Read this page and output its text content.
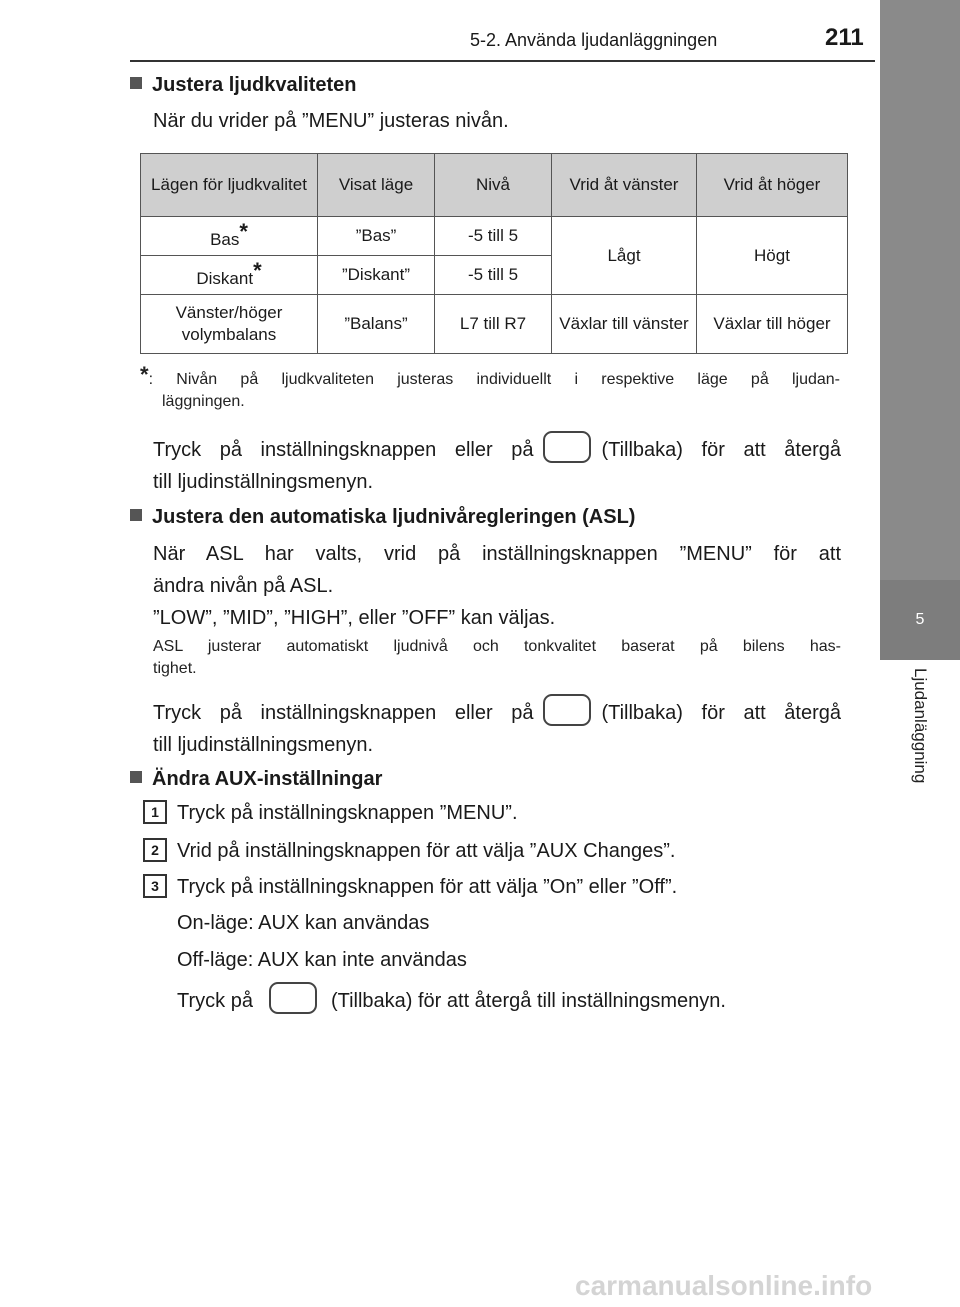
5-2. Använda ljudanläggningen	211
5
Ljudanläggning
Justera ljudkvaliteten
När du vrider på ”MENU” justeras nivån.
Lägen för ljudkvalitet	Visat läge	Nivå	Vrid åt vänster	Vrid åt höger
Bas*	”Bas”	-5 till 5	Lågt	Högt
Diskant*	”Diskant”	-5 till 5		
Vänster/höger volymbalans	”Balans”	L7 till R7	Växlar till vänster	Växlar till höger
*: Nivån på ljudkvaliteten justeras individuellt i respektive läge på ljudan-
läggningen.
Tryck på inställningsknappen eller på	(Tillbaka) för att återgå
till ljudinställningsmenyn.
Justera den automatiska ljudnivåregleringen (ASL)
När ASL har valts, vrid på inställningsknappen ”MENU” för att
ändra nivån på ASL.
”LOW”, ”MID”, ”HIGH”, eller ”OFF” kan väljas.
ASL justerar automatiskt ljudnivå och tonkvalitet baserat på bilens has-
tighet.
Tryck på inställningsknappen eller på	(Tillbaka) för att återgå
till ljudinställningsmenyn.
Ändra AUX-inställningar
1 Tryck på inställningsknappen ”MENU”.
2 Vrid på inställningsknappen för att välja ”AUX Changes”.
3 Tryck på inställningsknappen för att välja ”On” eller ”Off”.
On-läge: AUX kan användas
Off-läge: AUX kan inte användas
Tryck på	(Tillbaka) för att återgå till inställningsmenyn.
carmanualsonline.info
